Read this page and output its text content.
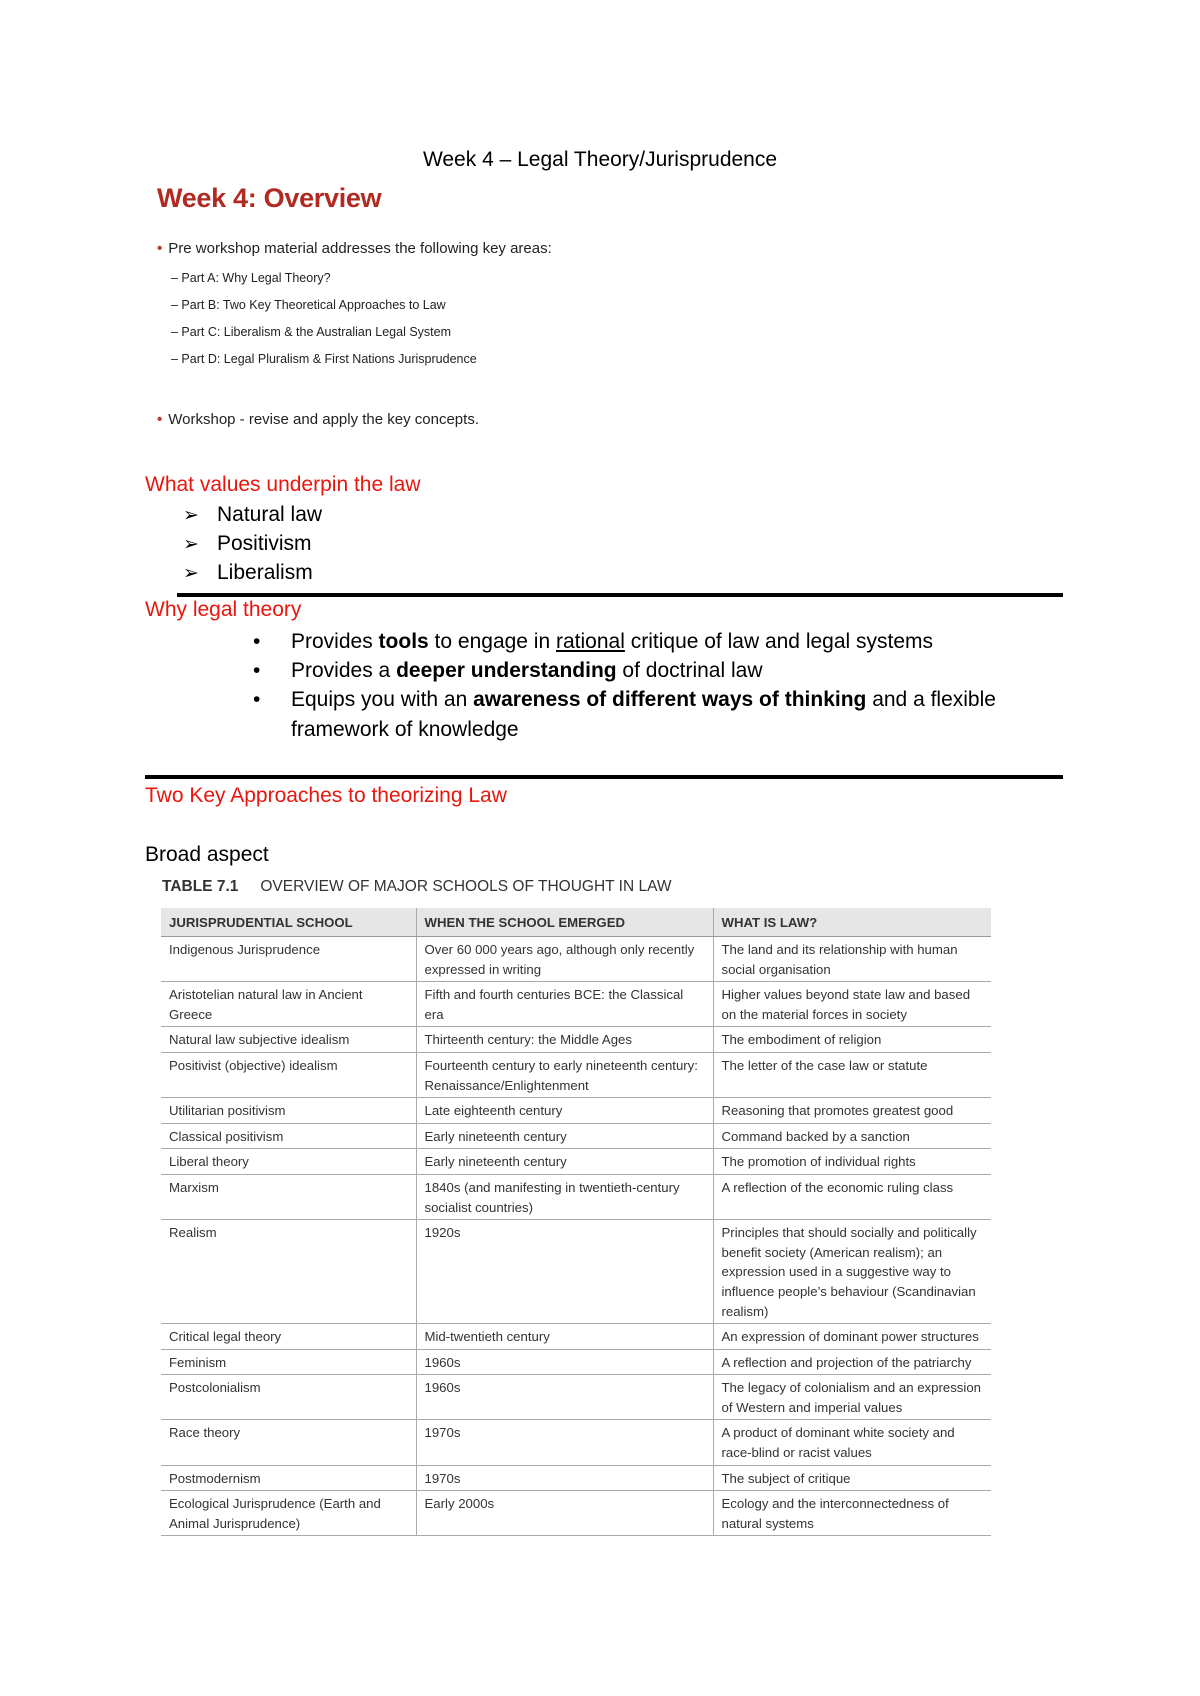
Week 4 – Legal Theory/Jurisprudence
Week 4: Overview
• Pre workshop material addresses the following key areas:
– Part A: Why Legal Theory?
– Part B: Two Key Theoretical Approaches to Law
– Part C: Liberalism & the Australian Legal System
– Part D: Legal Pluralism & First Nations Jurisprudence
• Workshop - revise and apply the key concepts.
What values underpin the law
➢ Natural law
➢ Positivism
➢ Liberalism
Why legal theory
• Provides tools to engage in rational critique of law and legal systems
• Provides a deeper understanding of doctrinal law
• Equips you with an awareness of different ways of thinking and a flexible framework of knowledge
Two Key Approaches to theorizing Law
Broad aspect
TABLE 7.1 OVERVIEW OF MAJOR SCHOOLS OF THOUGHT IN LAW
JURISPRUDENTIAL SCHOOL	WHEN THE SCHOOL EMERGED	WHAT IS LAW?
Indigenous Jurisprudence	Over 60 000 years ago, although only recently expressed in writing	The land and its relationship with human social organisation
Aristotelian natural law in Ancient Greece	Fifth and fourth centuries BCE: the Classical era	Higher values beyond state law and based on the material forces in society
Natural law subjective idealism	Thirteenth century: the Middle Ages	The embodiment of religion
Positivist (objective) idealism	Fourteenth century to early nineteenth century: Renaissance/Enlightenment	The letter of the case law or statute
Utilitarian positivism	Late eighteenth century	Reasoning that promotes greatest good
Classical positivism	Early nineteenth century	Command backed by a sanction
Liberal theory	Early nineteenth century	The promotion of individual rights
Marxism	1840s (and manifesting in twentieth-century socialist countries)	A reflection of the economic ruling class
Realism	1920s	Principles that should socially and politically benefit society (American realism); an expression used in a suggestive way to influence people’s behaviour (Scandinavian realism)
Critical legal theory	Mid-twentieth century	An expression of dominant power structures
Feminism	1960s	A reflection and projection of the patriarchy
Postcolonialism	1960s	The legacy of colonialism and an expression of Western and imperial values
Race theory	1970s	A product of dominant white society and race-blind or racist values
Postmodernism	1970s	The subject of critique
Ecological Jurisprudence (Earth and Animal Jurisprudence)	Early 2000s	Ecology and the interconnectedness of natural systems
